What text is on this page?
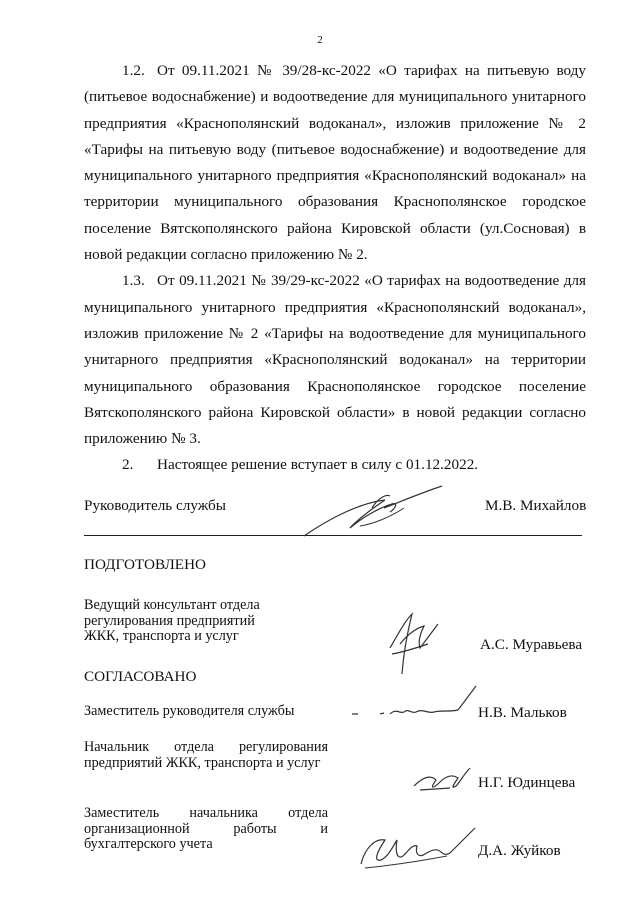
2

1.2. От 09.11.2021 № 39/28-кс-2022 «О тарифах на питьевую воду (питьевое водоснабжение) и водоотведение для муниципального унитарного предприятия «Краснополянский водоканал», изложив приложение № 2 «Тарифы на питьевую воду (питьевое водоснабжение) и водоотведение для муниципального унитарного предприятия «Краснополянский водоканал» на территории муниципального образования Краснополянское городское поселение Вятскополянского района Кировской области (ул.Сосновая) в новой редакции согласно приложению № 2.

1.3. От 09.11.2021 № 39/29-кс-2022 «О тарифах на водоотведение для муниципального унитарного предприятия «Краснополянский водоканал», изложив приложение № 2 «Тарифы на водоотведение для муниципального унитарного предприятия «Краснополянский водоканал» на территории муниципального образования Краснополянское городское поселение Вятскополянского района Кировской области» в новой редакции согласно приложению № 3.

2. Настоящее решение вступает в силу с 01.12.2022.

Руководитель службы	М.В. Михайлов
ПОДГОТОВЛЕНО
Ведущий консультант отдела
регулирования предприятий
ЖКК, транспорта и услуг	А.С. Муравьева
СОГЛАСОВАНО
Заместитель руководителя службы	Н.В. Мальков
Начальник отдела регулирования предприятий ЖКК, транспорта и услуг
Н.Г. Юдинцева
Заместитель начальника отдела организационной работы и бухгалтерского учета	Д.А. Жуйков
